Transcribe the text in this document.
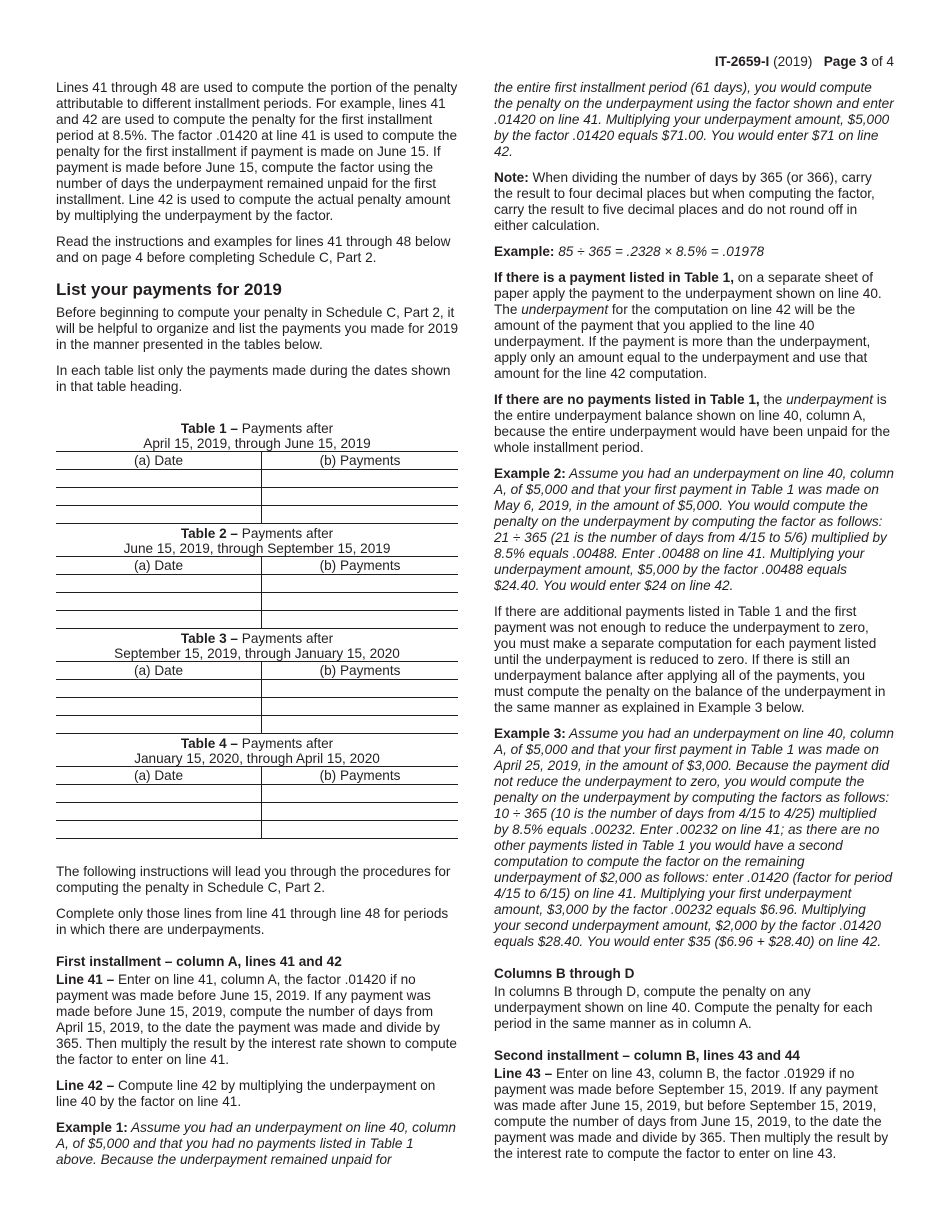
IT-2659-I (2019) Page 3 of 4

Lines 41 through 48 are used to compute the portion of the penalty attributable to different installment periods. For example, lines 41 and 42 are used to compute the penalty for the first installment period at 8.5%. The factor .01420 at line 41 is used to compute the penalty for the first installment if payment is made on June 15. If payment is made before June 15, compute the factor using the number of days the underpayment remained unpaid for the first installment. Line 42 is used to compute the actual penalty amount by multiplying the underpayment by the factor.

Read the instructions and examples for lines 41 through 48 below and on page 4 before completing Schedule C, Part 2.

List your payments for 2019

Before beginning to compute your penalty in Schedule C, Part 2, it will be helpful to organize and list the payments you made for 2019 in the manner presented in the tables below.

In each table list only the payments made during the dates shown in that table heading.

Table 1 – Payments after
April 15, 2019, through June 15, 2019
(a) Date	(b) Payments
Table 2 – Payments after
June 15, 2019, through September 15, 2019
(a) Date	(b) Payments
Table 3 – Payments after
September 15, 2019, through January 15, 2020
(a) Date	(b) Payments
Table 4 – Payments after
January 15, 2020, through April 15, 2020
(a) Date	(b) Payments

The following instructions will lead you through the procedures for computing the penalty in Schedule C, Part 2.

Complete only those lines from line 41 through line 48 for periods in which there are underpayments.

First installment – column A, lines 41 and 42

Line 41 – Enter on line 41, column A, the factor .01420 if no payment was made before June 15, 2019. If any payment was made before June 15, 2019, compute the number of days from April 15, 2019, to the date the payment was made and divide by 365. Then multiply the result by the interest rate shown to compute the factor to enter on line 41.

Line 42 – Compute line 42 by multiplying the underpayment on line 40 by the factor on line 41.

Example 1: Assume you had an underpayment on line 40, column A, of $5,000 and that you had no payments listed in Table 1 above. Because the underpayment remained unpaid for

the entire first installment period (61 days), you would compute the penalty on the underpayment using the factor shown and enter .01420 on line 41. Multiplying your underpayment amount, $5,000 by the factor .01420 equals $71.00. You would enter $71 on line 42.

Note: When dividing the number of days by 365 (or 366), carry the result to four decimal places but when computing the factor, carry the result to five decimal places and do not round off in either calculation.

Example: 85 ÷ 365 = .2328 × 8.5% = .01978

If there is a payment listed in Table 1, on a separate sheet of paper apply the payment to the underpayment shown on line 40. The underpayment for the computation on line 42 will be the amount of the payment that you applied to the line 40 underpayment. If the payment is more than the underpayment, apply only an amount equal to the underpayment and use that amount for the line 42 computation.

If there are no payments listed in Table 1, the underpayment is the entire underpayment balance shown on line 40, column A, because the entire underpayment would have been unpaid for the whole installment period.

Example 2: Assume you had an underpayment on line 40, column A, of $5,000 and that your first payment in Table 1 was made on May 6, 2019, in the amount of $5,000. You would compute the penalty on the underpayment by computing the factor as follows: 21 ÷ 365 (21 is the number of days from 4/15 to 5/6) multiplied by 8.5% equals .00488. Enter .00488 on line 41. Multiplying your underpayment amount, $5,000 by the factor .00488 equals $24.40. You would enter $24 on line 42.

If there are additional payments listed in Table 1 and the first payment was not enough to reduce the underpayment to zero, you must make a separate computation for each payment listed until the underpayment is reduced to zero. If there is still an underpayment balance after applying all of the payments, you must compute the penalty on the balance of the underpayment in the same manner as explained in Example 3 below.

Example 3: Assume you had an underpayment on line 40, column A, of $5,000 and that your first payment in Table 1 was made on April 25, 2019, in the amount of $3,000. Because the payment did not reduce the underpayment to zero, you would compute the penalty on the underpayment by computing the factors as follows: 10 ÷ 365 (10 is the number of days from 4/15 to 4/25) multiplied by 8.5% equals .00232. Enter .00232 on line 41; as there are no other payments listed in Table 1 you would have a second computation to compute the factor on the remaining underpayment of $2,000 as follows: enter .01420 (factor for period 4/15 to 6/15) on line 41. Multiplying your first underpayment amount, $3,000 by the factor .00232 equals $6.96. Multiplying your second underpayment amount, $2,000 by the factor .01420 equals $28.40. You would enter $35 ($6.96 + $28.40) on line 42.

Columns B through D

In columns B through D, compute the penalty on any underpayment shown on line 40. Compute the penalty for each period in the same manner as in column A.

Second installment – column B, lines 43 and 44

Line 43 – Enter on line 43, column B, the factor .01929 if no payment was made before September 15, 2019. If any payment was made after June 15, 2019, but before September 15, 2019, compute the number of days from June 15, 2019, to the date the payment was made and divide by 365. Then multiply the result by the interest rate to compute the factor to enter on line 43.
